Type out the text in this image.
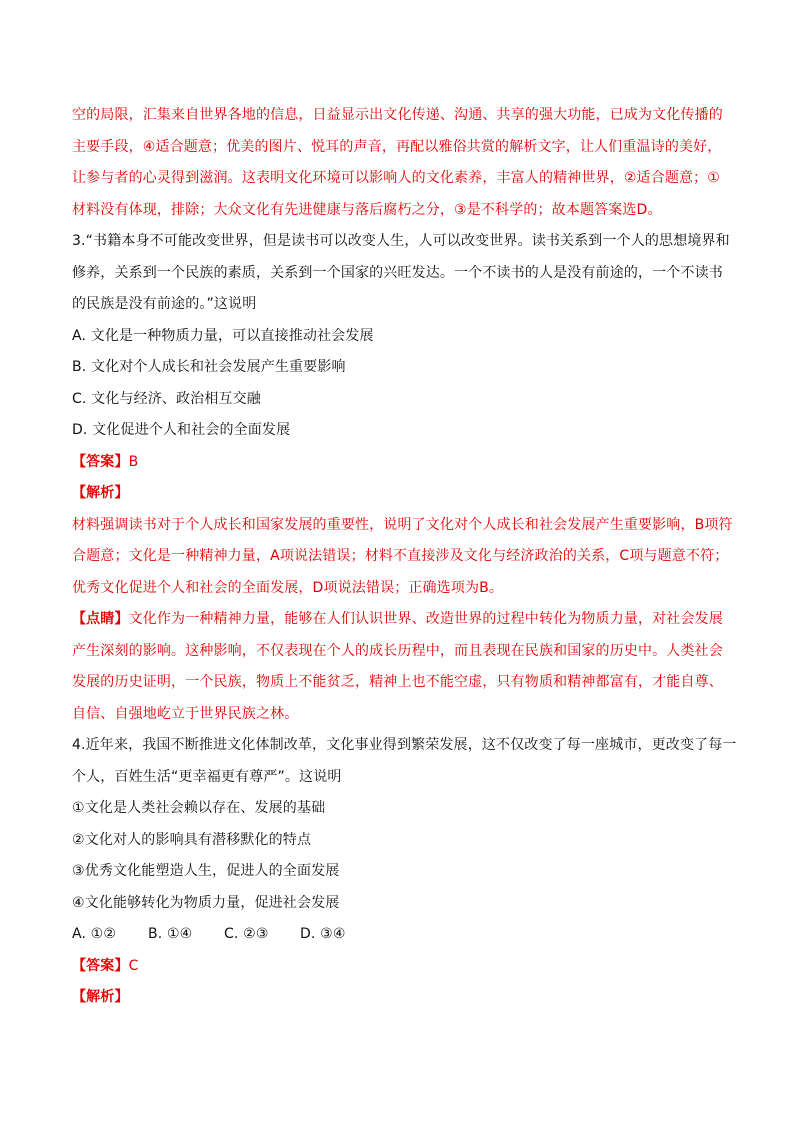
空的局限，汇集来自世界各地的信息，日益显示出文化传递、沟通、共享的强大功能，已成为文化传播的
主要手段，④适合题意；优美的图片、悦耳的声音，再配以雅俗共赏的解析文字，让人们重温诗的美好，
让参与者的心灵得到滋润。这表明文化环境可以影响人的文化素养，丰富人的精神世界，②适合题意；①
材料没有体现，排除；大众文化有先进健康与落后腐朽之分，③是不科学的；故本题答案选D。
3.“书籍本身不可能改变世界，但是读书可以改变人生，人可以改变世界。读书关系到一个人的思想境界和
修养，关系到一个民族的素质，关系到一个国家的兴旺发达。一个不读书的人是没有前途的，一个不读书
的民族是没有前途的。”这说明
A. 文化是一种物质力量，可以直接推动社会发展
B. 文化对个人成长和社会发展产生重要影响
C. 文化与经济、政治相互交融
D. 文化促进个人和社会的全面发展
【答案】B
【解析】
材料强调读书对于个人成长和国家发展的重要性，说明了文化对个人成长和社会发展产生重要影响，B项符
合题意；文化是一种精神力量，A项说法错误；材料不直接涉及文化与经济政治的关系，C项与题意不符；
优秀文化促进个人和社会的全面发展，D项说法错误；正确选项为B。
【点睛】文化作为一种精神力量，能够在人们认识世界、改造世界的过程中转化为物质力量，对社会发展
产生深刻的影响。这种影响，不仅表现在个人的成长历程中，而且表现在民族和国家的历史中。人类社会
发展的历史证明，一个民族，物质上不能贫乏，精神上也不能空虚，只有物质和精神都富有，才能自尊、
自信、自强地屹立于世界民族之林。
4.近年来，我国不断推进文化体制改革，文化事业得到繁荣发展，这不仅改变了每一座城市，更改变了每一
个人，百姓生活“更幸福更有尊严”。这说明
①文化是人类社会赖以存在、发展的基础
②文化对人的影响具有潜移默化的特点
③优秀文化能塑造人生，促进人的全面发展
④文化能够转化为物质力量，促进社会发展
A. ①② B. ①④ C. ②③ D. ③④
【答案】C
【解析】
